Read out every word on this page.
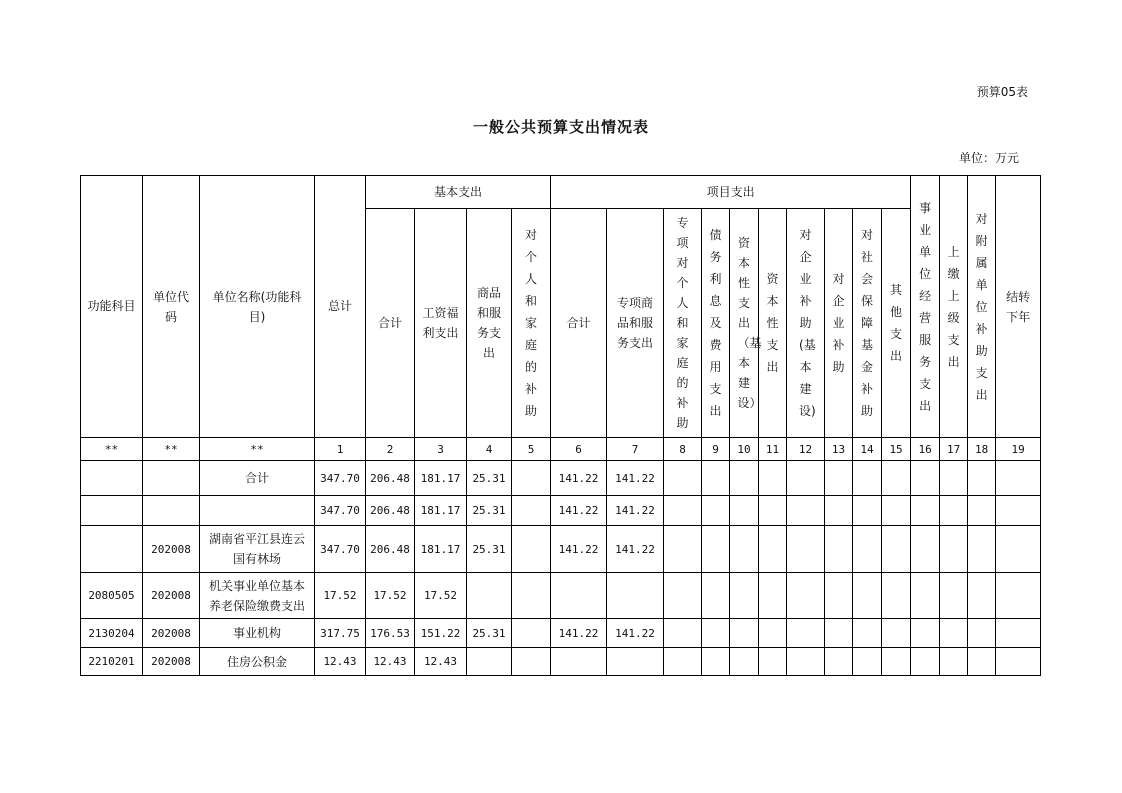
预算05表
一般公共预算支出情况表
单位：万元
功能科目	单位代码	单位名称(功能科目)	总计	基本支出				项目支出										事业单位经营服务支出	上缴上级支出	对附属单位补助支出	结转下年
				合计	工资福利支出	商品和服务支出	对个人和家庭的补助	合计	专项商品和服务支出	专项对个人和家庭的补助	债务利息及费用支出	资本性支出（基本建设）	资本性支出	对企业补助(基本建设)	对企业补助	对社会保障基金补助	其他支出				
**	**	**	1	2	3	4	5	6	7	8	9	10	11	12	13	14	15	16	17	18	19
		合计	347.70	206.48	181.17	25.31		141.22	141.22												
			347.70	206.48	181.17	25.31		141.22	141.22												
	202008	湖南省平江县连云国有林场	347.70	206.48	181.17	25.31		141.22	141.22												
2080505	202008	机关事业单位基本养老保险缴费支出	17.52	17.52	17.52																
2130204	202008	事业机构	317.75	176.53	151.22	25.31		141.22	141.22												
2210201	202008	住房公积金	12.43	12.43	12.43																
